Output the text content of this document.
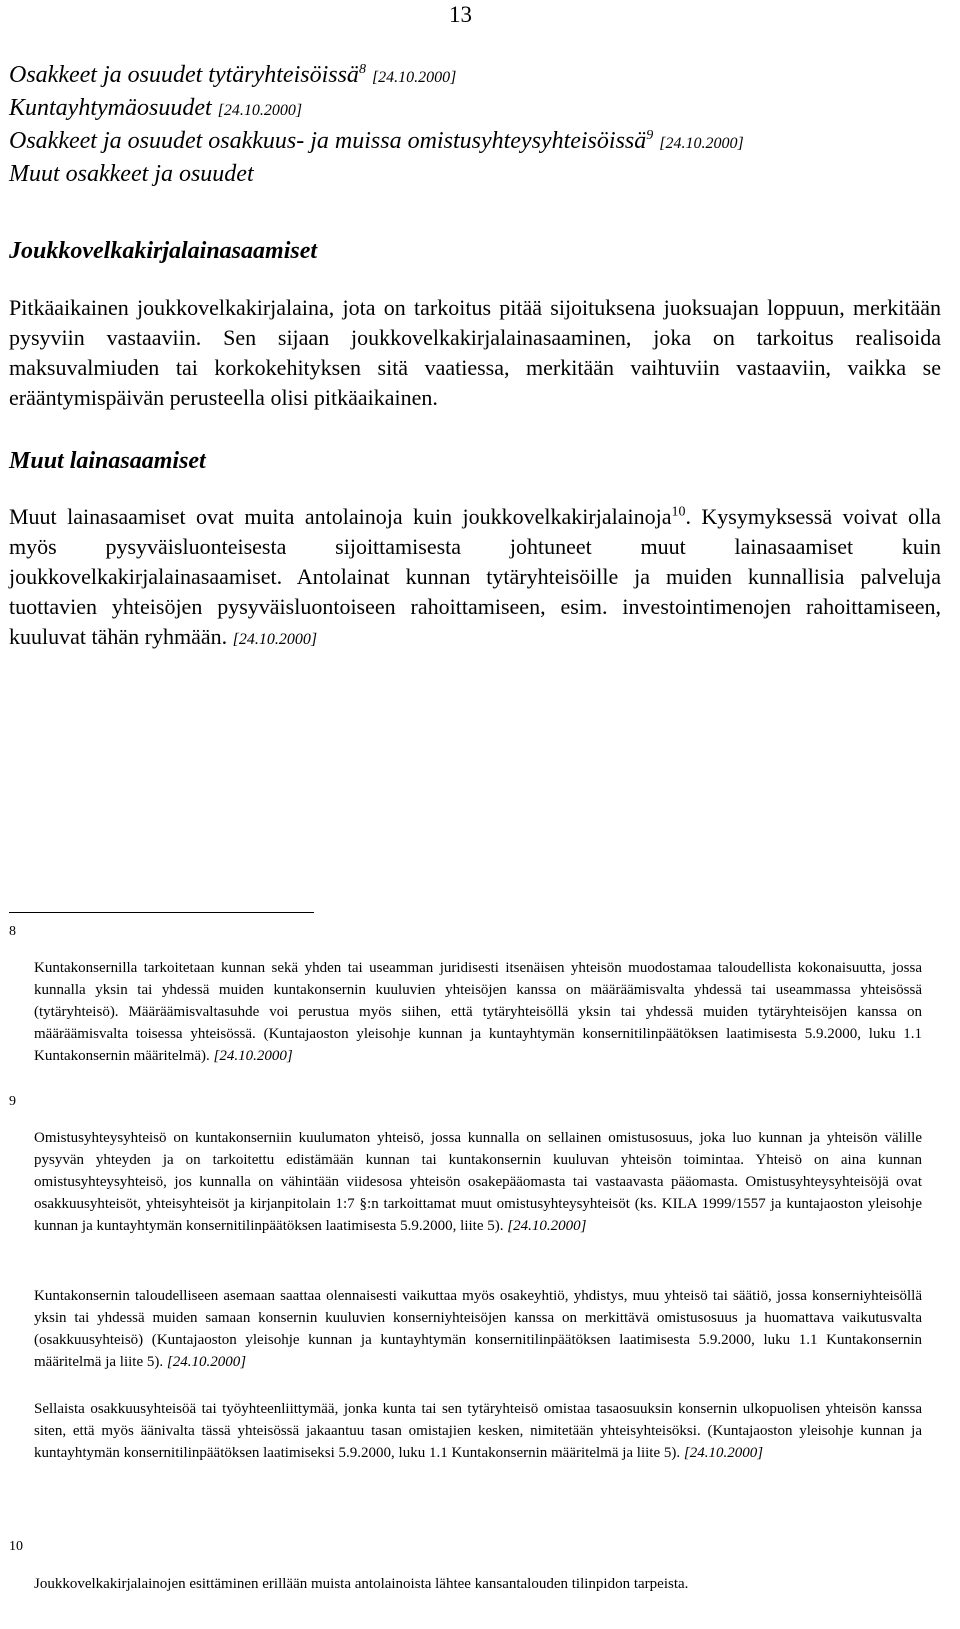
13
Osakkeet ja osuudet tytäryhteisöissä$^8$ [24.10.2000]
Kuntayhtymäosuudet [24.10.2000]
Osakkeet ja osuudet osakkuus- ja muissa omistusyhteysyhteisöissä$^9$ [24.10.2000]
Muut osakkeet ja osuudet
Joukkovelkakirjalainasaamiset

Pitkäaikainen joukkovelkakirjalaina, jota on tarkoitus pitää sijoituksena juoksuajan loppuun, merkitään pysyviin vastaaviin. Sen sijaan joukkovelkakirjalainasaaminen, joka on tarkoitus realisoida maksuvalmiuden tai korkokehityksen sitä vaatiessa, merkitään vaihtuviin vastaaviin, vaikka se erääntymispäivän perusteella olisi pitkäaikainen.

Muut lainasaamiset

Muut lainasaamiset ovat muita antolainoja kuin joukkovelkakirjalainoja$^{10}$. Kysymyksessä voivat olla myös pysyväisluonteisesta sijoittamisesta johtuneet muut lainasaamiset kuin joukkovelkakirjalainasaamiset. Antolainat kunnan tytäryhteisöille ja muiden kunnallisia palveluja tuottavien yhteisöjen pysyväisluontoiseen rahoittamiseen, esim. investointimenojen rahoittamiseen, kuuluvat tähän ryhmään. [24.10.2000]

8

Kuntakonsernilla tarkoitetaan kunnan sekä yhden tai useamman juridisesti itsenäisen yhteisön muodostamaa taloudellista kokonaisuutta, jossa kunnalla yksin tai yhdessä muiden kuntakonsernin kuuluvien yhteisöjen kanssa on määräämisvalta yhdessä tai useammassa yhteisössä (tytäryhteisö). Määräämisvaltasuhde voi perustua myös siihen, että tytäryhteisöllä yksin tai yhdessä muiden tytäryhteisöjen kanssa on määräämisvalta toisessa yhteisössä. (Kuntajaoston yleisohje kunnan ja kuntayhtymän konsernitilinpäätöksen laatimisesta 5.9.2000, luku 1.1 Kuntakonsernin määritelmä). [24.10.2000]

9

Omistusyhteysyhteisö on kuntakonserniin kuulumaton yhteisö, jossa kunnalla on sellainen omistusosuus, joka luo kunnan ja yhteisön välille pysyvän yhteyden ja on tarkoitettu edistämään kunnan tai kuntakonsernin kuuluvan yhteisön toimintaa. Yhteisö on aina kunnan omistusyhteysyhteisö, jos kunnalla on vähintään viidesosa yhteisön osakepääomasta tai vastaavasta pääomasta. Omistusyhteysyhteisöjä ovat osakkuusyhteisöt, yhteisyhteisöt ja kirjanpitolain 1:7 §:n tarkoittamat muut omistusyhteysyhteisöt (ks. KILA 1999/1557 ja kuntajaoston yleisohje kunnan ja kuntayhtymän konsernitilinpäätöksen laatimisesta 5.9.2000, liite 5). [24.10.2000]

Kuntakonsernin taloudelliseen asemaan saattaa olennaisesti vaikuttaa myös osakeyhtiö, yhdistys, muu yhteisö tai säätiö, jossa konserniyhteisöllä yksin tai yhdessä muiden samaan konsernin kuuluvien konserniyhteisöjen kanssa on merkittävä omistusosuus ja huomattava vaikutusvalta (osakkuusyhteisö) (Kuntajaoston yleisohje kunnan ja kuntayhtymän konsernitilinpäätöksen laatimisesta 5.9.2000, luku 1.1 Kuntakonsernin määritelmä ja liite 5). [24.10.2000]

Sellaista osakkuusyhteisöä tai työyhteenliittymää, jonka kunta tai sen tytäryhteisö omistaa tasaosuuksin konsernin ulkopuolisen yhteisön kanssa siten, että myös äänivalta tässä yhteisössä jakaantuu tasan omistajien kesken, nimitetään yhteisyhteisöksi. (Kuntajaoston yleisohje kunnan ja kuntayhtymän konsernitilinpäätöksen laatimiseksi 5.9.2000, luku 1.1 Kuntakonsernin määritelmä ja liite 5). [24.10.2000]

10

Joukkovelkakirjalainojen esittäminen erillään muista antolainoista lähtee kansantalouden tilinpidon tarpeista.
